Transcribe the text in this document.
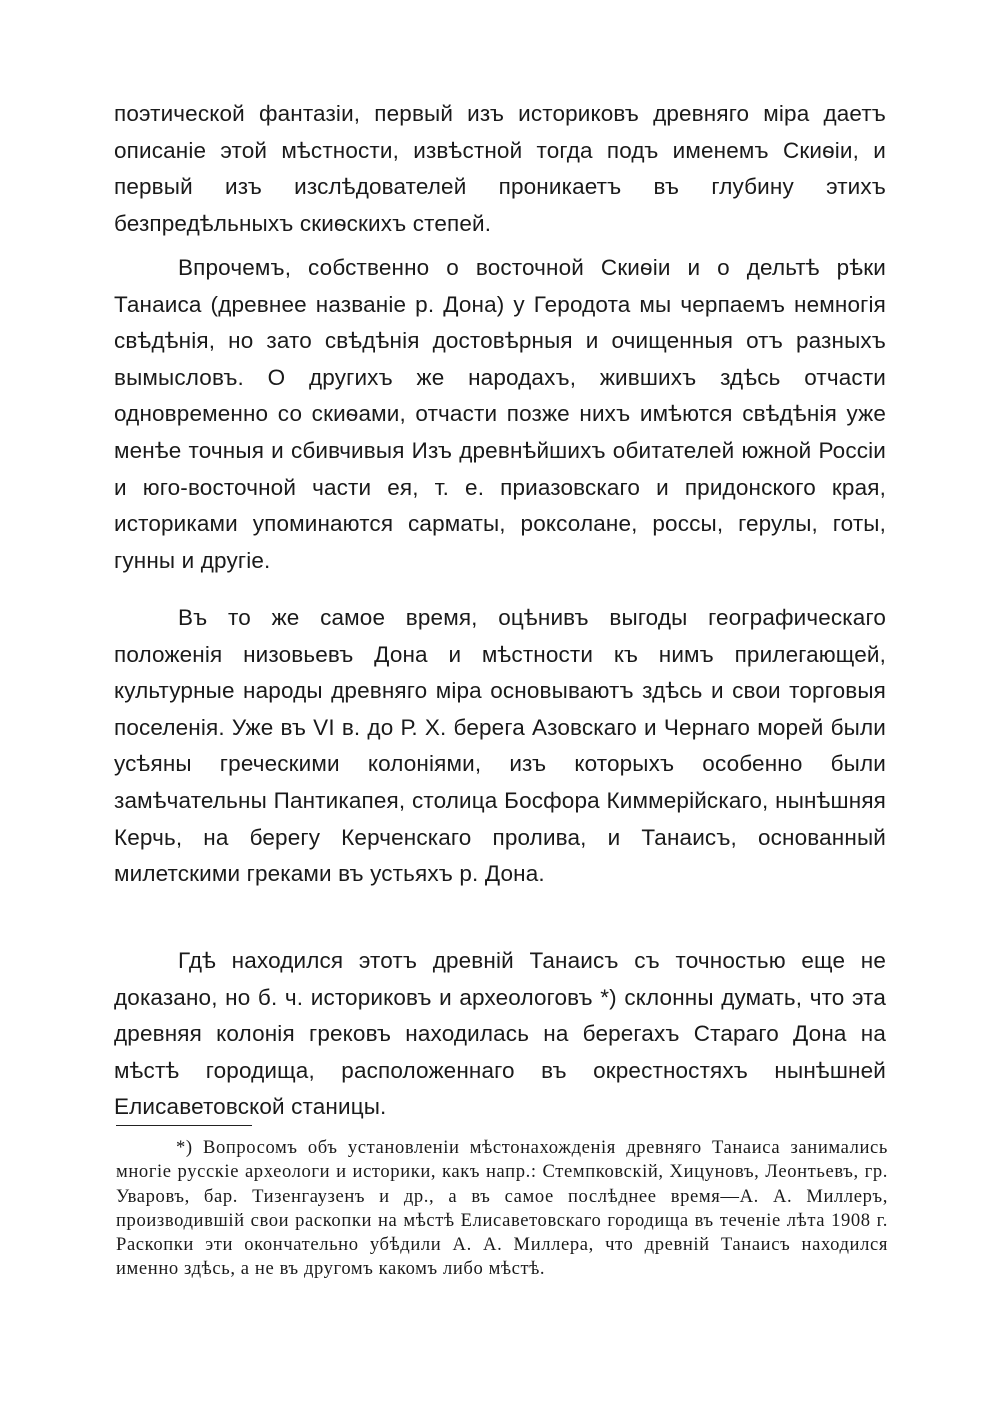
поэтической фантазіи, первый изъ историковъ древняго міра даетъ описаніе этой мѣстности, извѣстной тогда подъ именемъ Скиѳіи, и первый изъ изслѣдователей проникаетъ въ глубину этихъ безпредѣльныхъ скиѳскихъ степей.

Впрочемъ, собственно о восточной Скиѳіи и о дельтѣ рѣки Танаиса (древнее названіе р. Дона) у Геродота мы черпаемъ немногія свѣдѣнія, но зато свѣдѣнія достовѣрныя и очищенныя отъ разныхъ вымысловъ. О другихъ же народахъ, жившихъ здѣсь отчасти одновременно со скиѳами, отчасти позже нихъ имѣются свѣдѣнія уже менѣе точныя и сбивчивыя Изъ древнѣйшихъ обитателей южной Россіи и юго-восточной части ея, т. е. приазовскаго и придонского края, историками упоминаются сарматы, роксолане, россы, герулы, готы, гунны и другіе.

Въ то же самое время, оцѣнивъ выгоды географическаго положенія низовьевъ Дона и мѣстности къ нимъ прилегающей, культурные народы древняго міра основываютъ здѣсь и свои торговыя поселенія. Уже въ VI в. до Р. Х. берега Азовскаго и Чернаго морей были усѣяны греческими колоніями, изъ которыхъ особенно были замѣчательны Пантикапея, столица Босфора Киммерійскаго, нынѣшняя Керчь, на берегу Керченскаго пролива, и Танаисъ, основанный милетскими греками въ устьяхъ р. Дона.

Гдѣ находился этотъ древній Танаисъ съ точностью еще не доказано, но б. ч. историковъ и археологовъ *) склонны думать, что эта древняя колонія грековъ находилась на берегахъ Стараго Дона на мѣстѣ городища, расположеннаго въ окрестностяхъ нынѣшней Елисаветовской станицы.

*) Вопросомъ объ установленіи мѣстонахожденія древняго Танаиса занимались многіе русскіе археологи и историки, какъ напр.: Стемпковскій, Хицуновъ, Леонтьевъ, гр. Уваровъ, бар. Тизенгаузенъ и др., а въ самое послѣднее время—А. А. Миллеръ, производившій свои раскопки на мѣстѣ Елисаветовскаго городища въ теченіе лѣта 1908 г. Раскопки эти окончательно убѣдили А. А. Миллера, что древній Танаисъ находился именно здѣсь, а не въ другомъ какомъ либо мѣстѣ.
